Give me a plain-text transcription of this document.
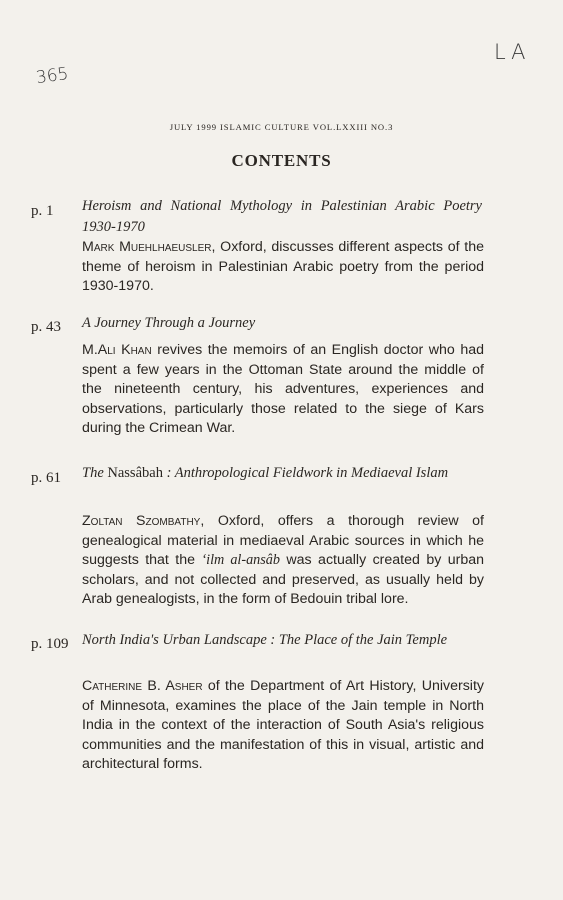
365
LA
JULY 1999 ISLAMIC CULTURE VOL.LXXIII NO.3
CONTENTS
p. 1 Heroism and National Mythology in Palestinian Arabic Poetry 1930-1970
Mark Muehlhaeusler, Oxford, discusses different aspects of the theme of heroism in Palestinian Arabic poetry from the period 1930-1970.
p. 43 A Journey Through a Journey
M.Ali Khan revives the memoirs of an English doctor who had spent a few years in the Ottoman State around the middle of the nineteenth century, his adventures, experiences and observations, particularly those related to the siege of Kars during the Crimean War.
p. 61 The Nassâbah : Anthropological Fieldwork in Mediaeval Islam
Zoltan Szombathy, Oxford, offers a thorough review of genealogical material in mediaeval Arabic sources in which he suggests that the ‘ilm al-ansâb was actually created by urban scholars, and not collected and preserved, as usually held by Arab genealogists, in the form of Bedouin tribal lore.
p. 109 North India's Urban Landscape : The Place of the Jain Temple
Catherine B. Asher of the Department of Art History, University of Minnesota, examines the place of the Jain temple in North India in the context of the interaction of South Asia's religious communities and the manifestation of this in visual, artistic and architectural forms.
